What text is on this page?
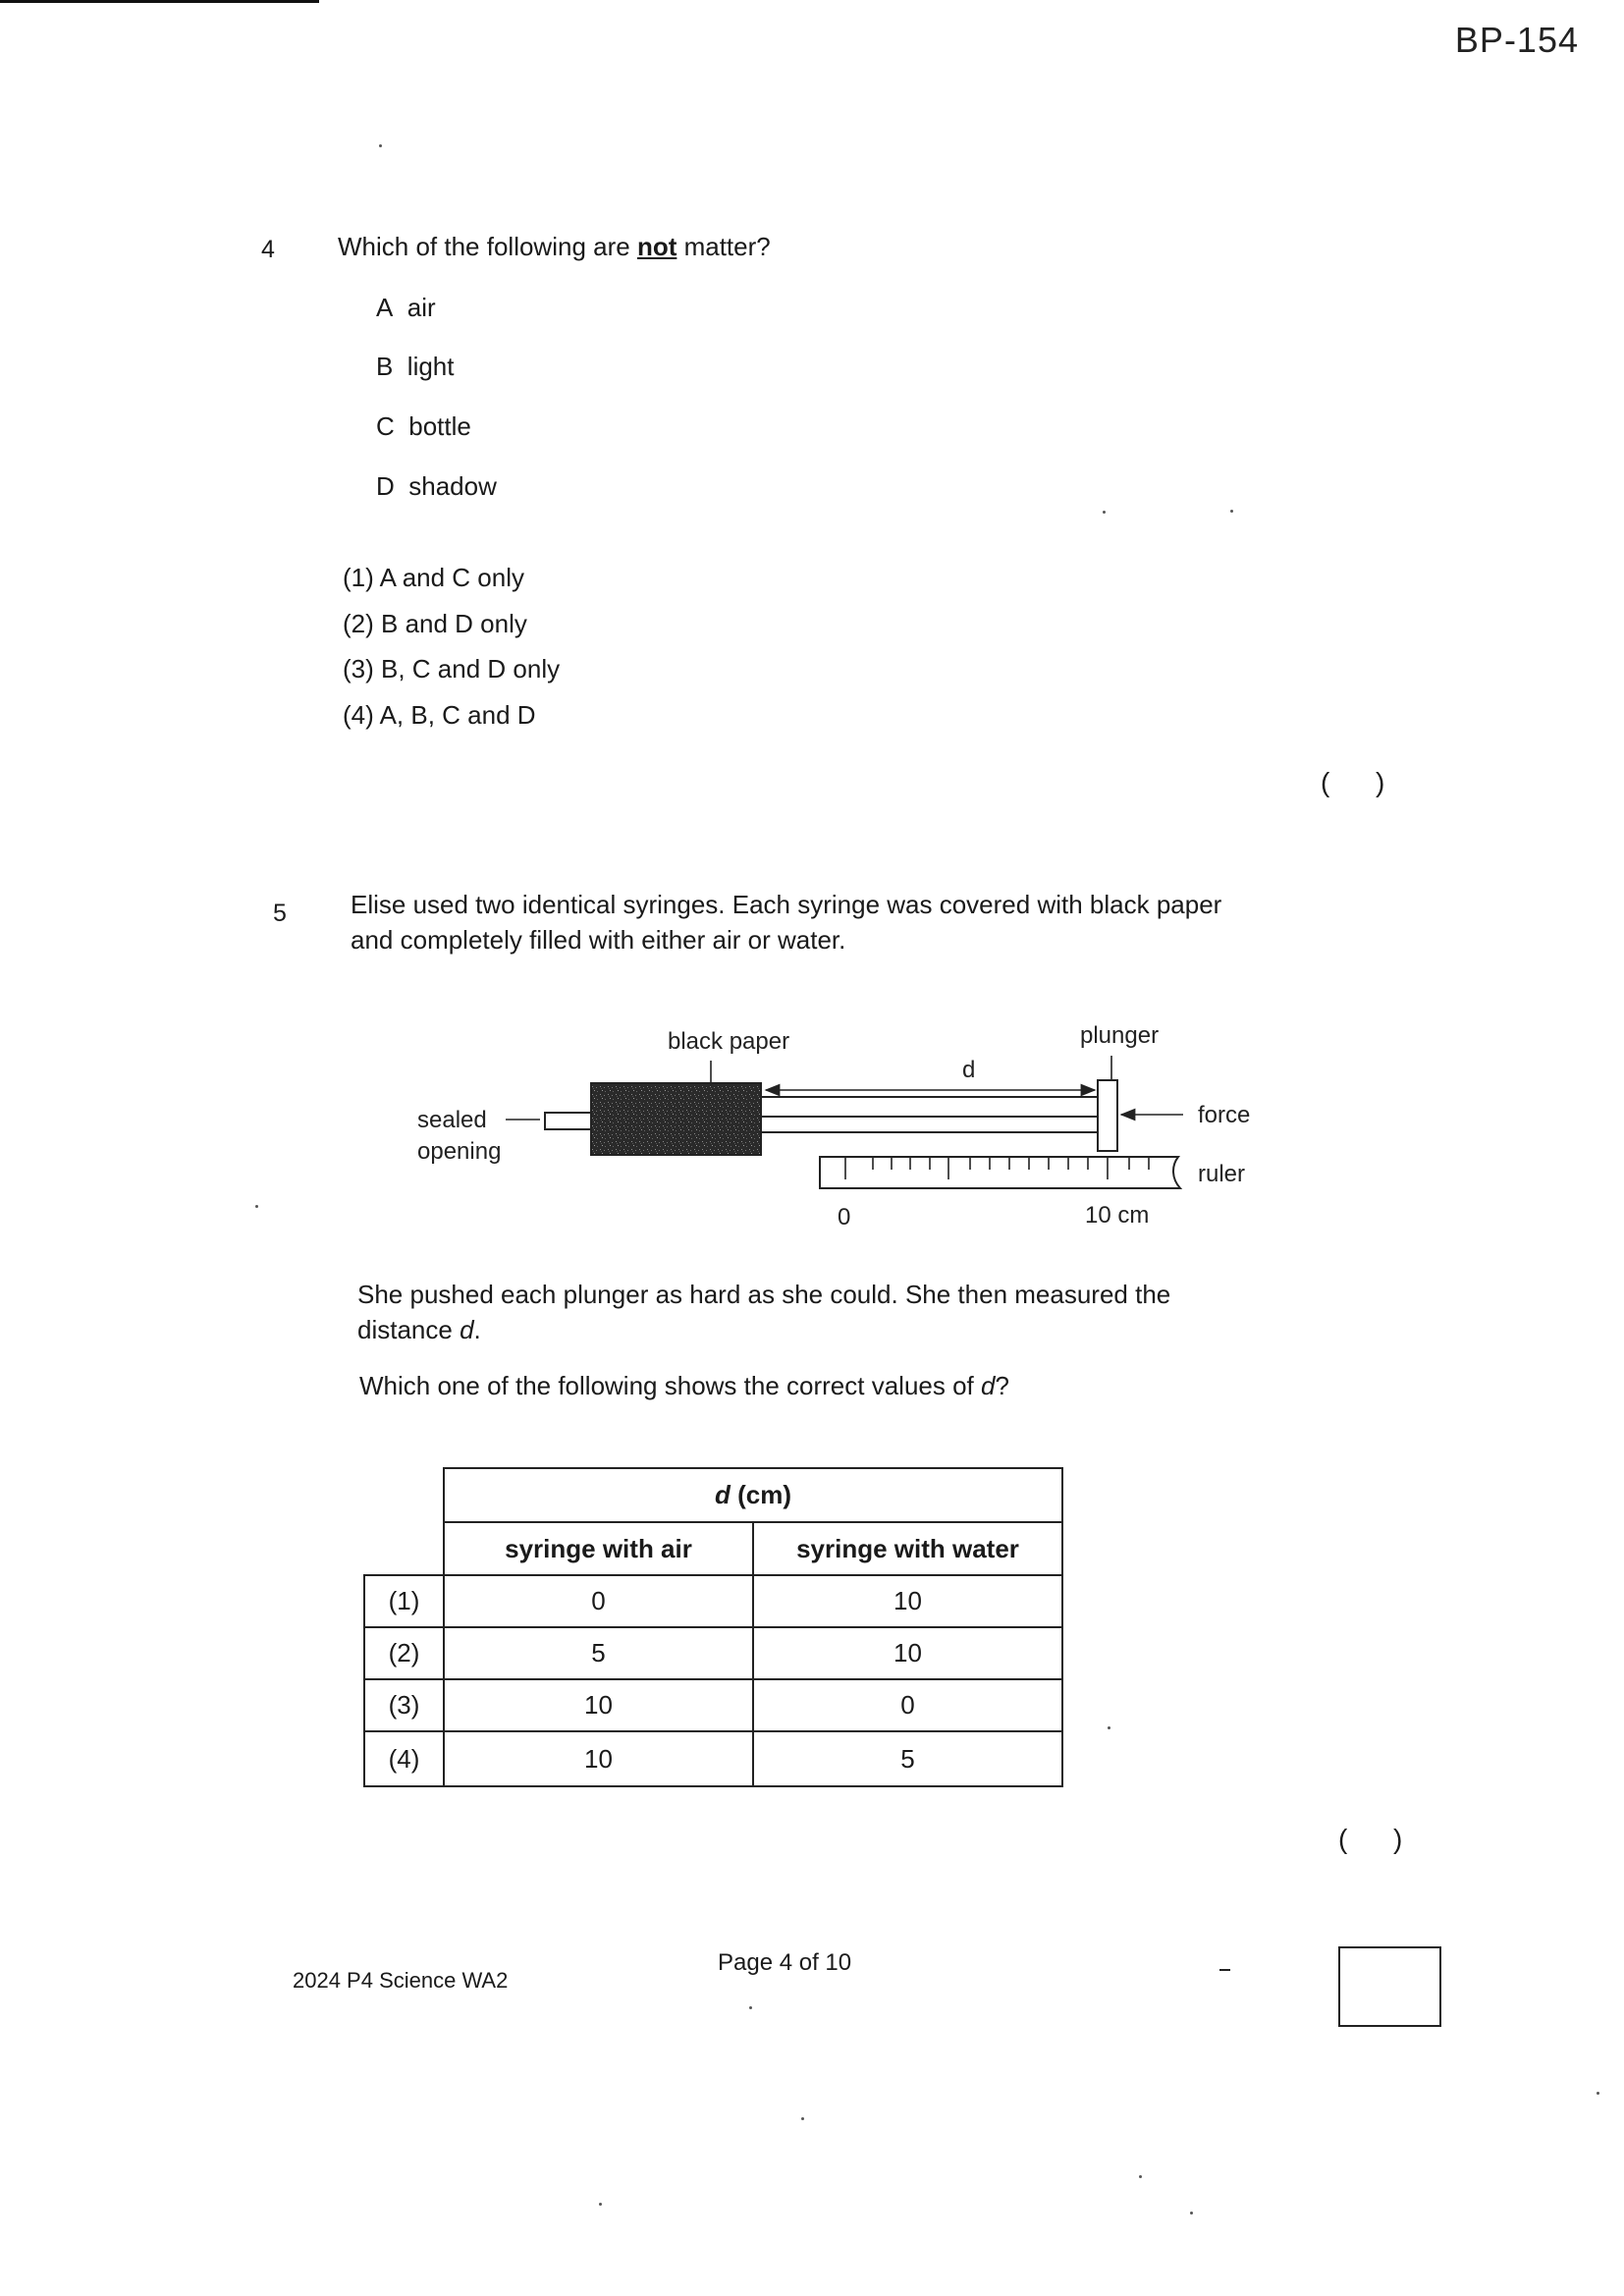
BP-154
4 Which of the following are not matter?
A air
B light
C bottle
D shadow
(1) A and C only
(2) B and D only
(3) B, C and D only
(4) A, B, C and D
(      )
5	Elise used two identical syringes. Each syringe was covered with black paper
and completely filled with either air or water.
black paper	plunger
d
sealed
opening
force
ruler
0	10 cm
She pushed each plunger as hard as she could. She then measured the
distance d.
Which one of the following shows the correct values of d?
	d (cm)	
	syringe with air	syringe with water
(1)	0	10
(2)	5	10
(3)	10	0
(4)	10	5
(      )
2024 P4 Science WA2
Page 4 of 10
